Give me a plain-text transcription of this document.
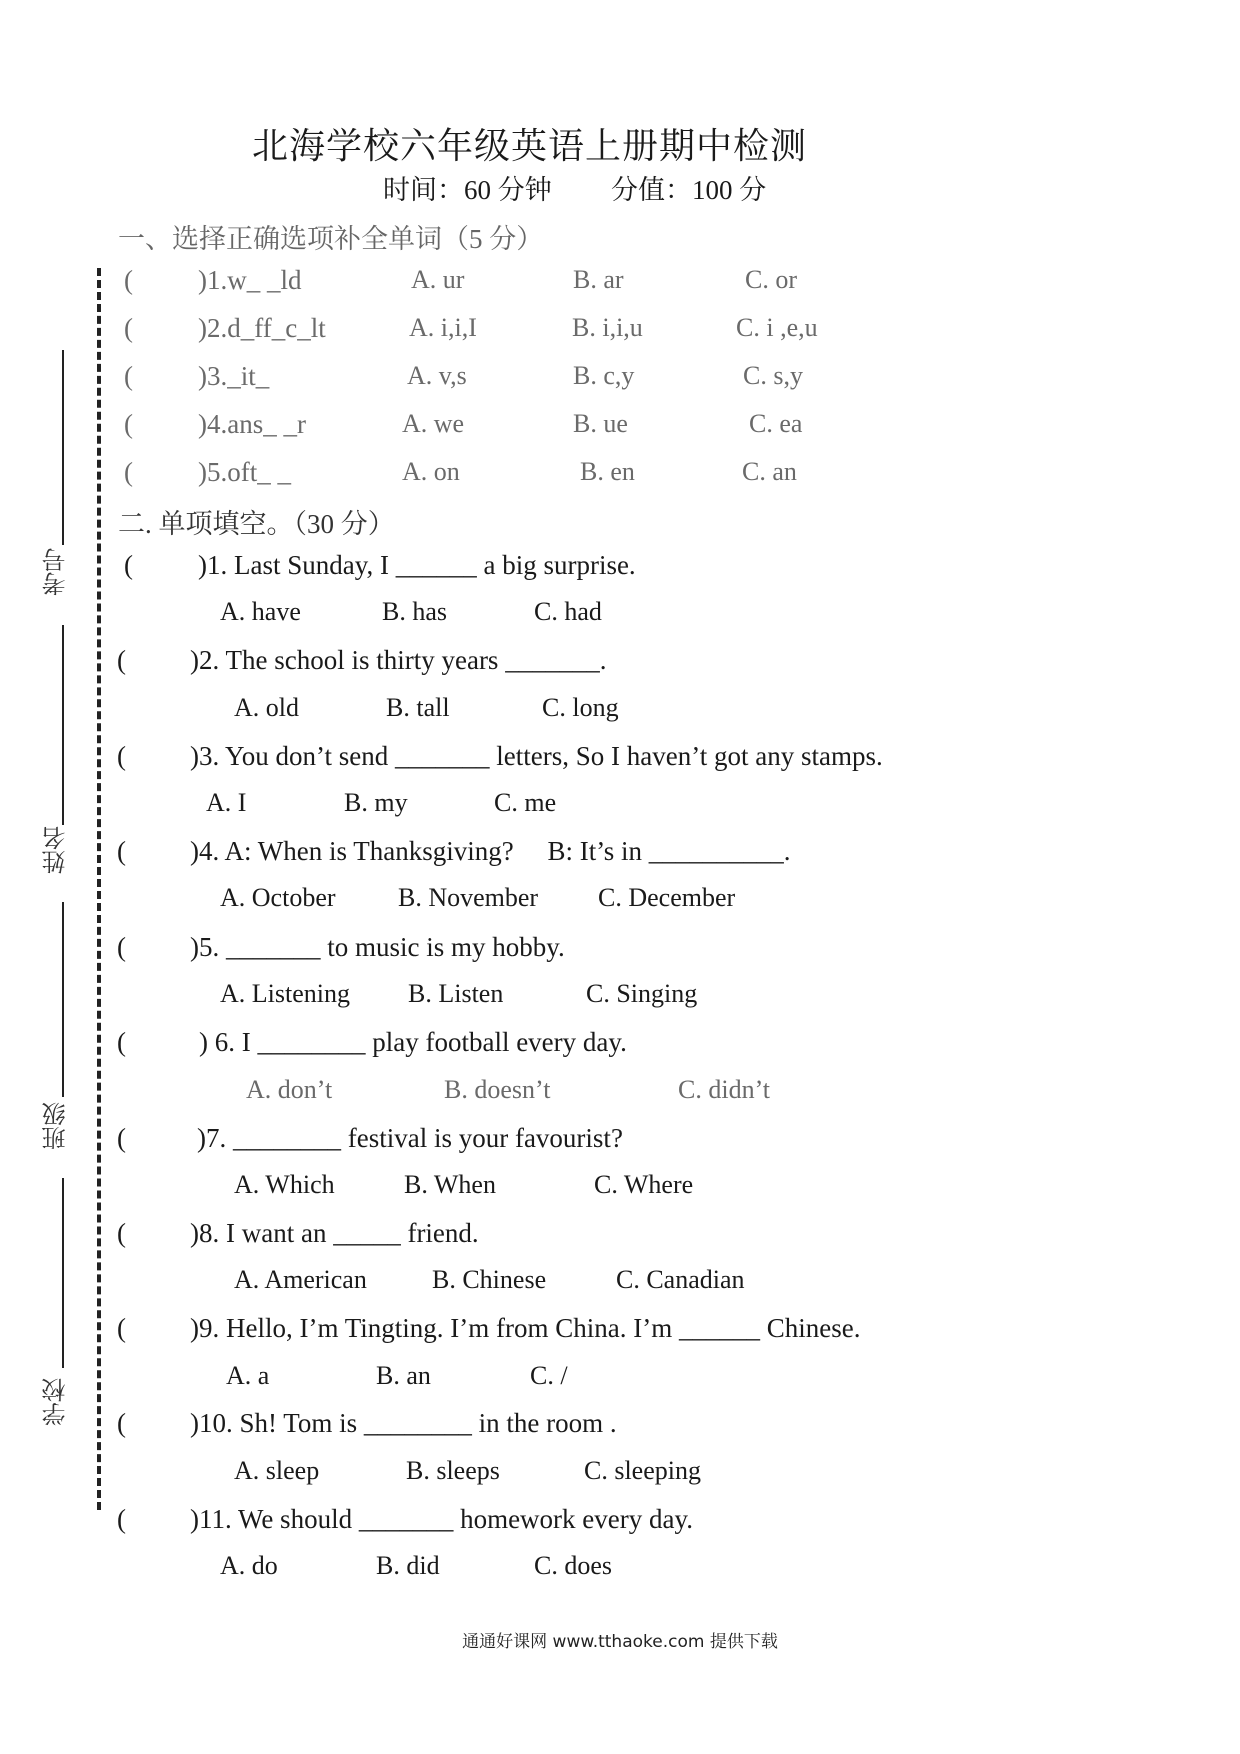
北海学校六年级英语上册期中检测
时间：60 分钟 分值：100 分
一、选择正确选项补全单词（5 分）
( )1.w_ _ld	A. ur	B. ar	C. or
( )2.d_ff_c_lt	A. i,i,I	B. i,i,u	C. i ,e,u
( )3._it_	A. v,s	B. c,y	C. s,y
( )4.ans_ _r	A. we	B. ue	C. ea
( )5.oft_ _	A. on	B. en	C. an
二. 单项填空。（30 分）
( )1. Last Sunday, I ______ a big surprise.
A. have	B. has	C. had
( )2. The school is thirty years _______.
A. old	B. tall	C. long
( )3. You don’t send _______ letters, So I haven’t got any stamps.
A. I	B. my	C. me
( )4. A: When is Thanksgiving?     B: It’s in __________.
A. October B. November C. December
( )5. _______ to music is my hobby.
A. Listening B. Listen	C. Singing
(	) 6. I ________ play football every day.
A. don’t	B. doesn’t	C. didn’t
(	)7. ________ festival is your favourist?
A. Which	B. When	C. Where
( )8. I want an _____ friend.
A. American	B. Chinese	C. Canadian
( )9. Hello, I’m Tingting. I’m from China. I’m ______ Chinese.
A. a	B. an	C. /
( )10. Sh! Tom is ________ in the room .
A. sleep	B. sleeps	C. sleeping
( )11. We should _______ homework every day.
A. do	B. did	C. does
考号
姓名
班级
学校
通通好课网 www.tthaoke.com 提供下载
